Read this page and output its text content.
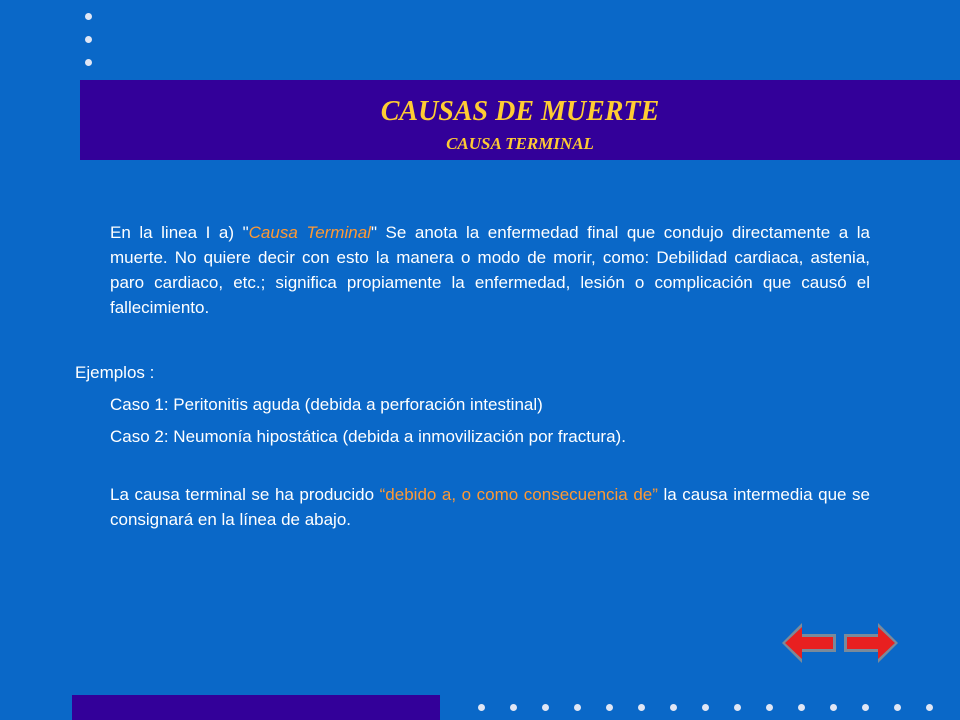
CAUSAS DE MUERTE
CAUSA TERMINAL
En la linea I a) "Causa Terminal" Se anota la enfermedad final que condujo directamente a la muerte. No quiere decir con esto la manera o modo de morir, como: Debilidad cardiaca, astenia, paro cardiaco, etc.; significa propiamente la enfermedad, lesión o complicación que causó el fallecimiento.
Ejemplos :
Caso 1: Peritonitis aguda (debida a perforación intestinal)
Caso 2: Neumonía hipostática (debida a inmovilización por fractura).
La causa terminal se ha producido “debido a, o como consecuencia de” la causa intermedia que se consignará en la línea de abajo.
